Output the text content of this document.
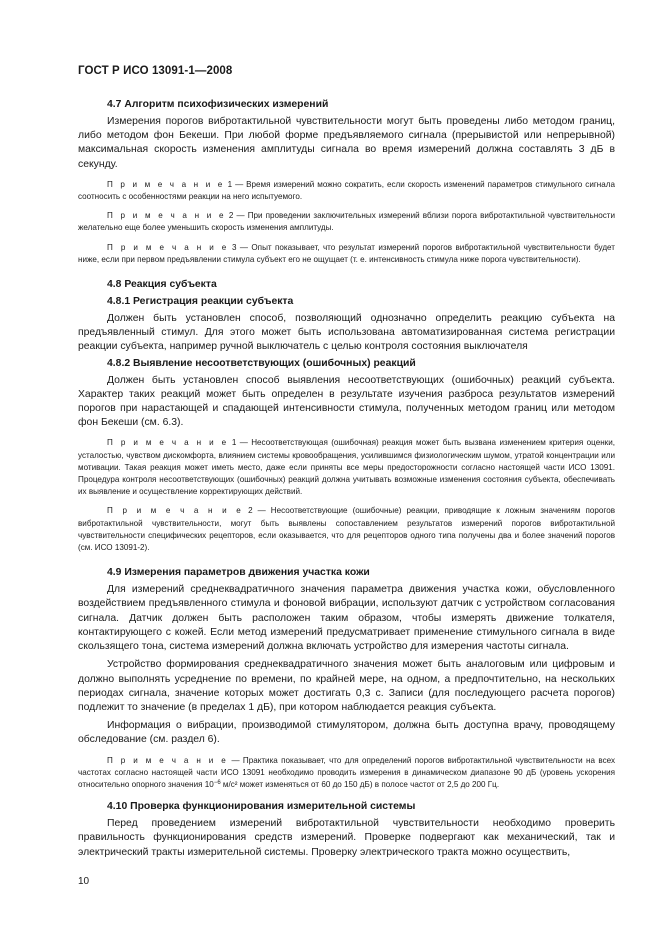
ГОСТ Р ИСО 13091-1—2008
4.7 Алгоритм психофизических измерений

Измерения порогов вибротактильной чувствительности могут быть проведены либо методом границ, либо методом фон Бекеши. При любой форме предъявляемого сигнала (прерывистой или непрерывной) максимальная скорость изменения амплитуды сигнала во время измерений должна составлять 3 дБ в секунду.

П р и м е ч а н и е 1 — Время измерений можно сократить, если скорость изменений параметров стимульного сигнала соотносить с особенностями реакции на него испытуемого.

П р и м е ч а н и е 2 — При проведении заключительных измерений вблизи порога вибротактильной чувствительности желательно еще более уменьшить скорость изменения амплитуды.

П р и м е ч а н и е 3 — Опыт показывает, что результат измерений порогов вибротактильной чувствительности будет ниже, если при первом предъявлении стимула субъект его не ощущает (т. е. интенсивность стимула ниже порога чувствительности).

4.8 Реакция субъекта
4.8.1 Регистрация реакции субъекта

Должен быть установлен способ, позволяющий однозначно определить реакцию субъекта на предъявленный стимул. Для этого может быть использована автоматизированная система регистрации реакции субъекта, например ручной выключатель с целью контроля состояния выключателя

4.8.2 Выявление несоответствующих (ошибочных) реакций

Должен быть установлен способ выявления несоответствующих (ошибочных) реакций субъекта. Характер таких реакций может быть определен в результате изучения разброса результатов измерений порогов при нарастающей и спадающей интенсивности стимула, полученных методом границ или методом фон Бекеши (см. 6.3).

П р и м е ч а н и е 1 — Несоответствующая (ошибочная) реакция может быть вызвана изменением критерия оценки, усталостью, чувством дискомфорта, влиянием системы кровообращения, усилившимся физиологическим шумом, утратой концентрации или мотивации. Такая реакция может иметь место, даже если приняты все меры предосторожности согласно настоящей части ИСО 13091. Процедура контроля несоответствующих (ошибочных) реакций должна учитывать возможные изменения состояния субъекта, обеспечивать их выявление и осуществление корректирующих действий.

П р и м е ч а н и е 2 — Несоответствующие (ошибочные) реакции, приводящие к ложным значениям порогов вибротактильной чувствительности, могут быть выявлены сопоставлением результатов измерений порогов вибротактильной чувствительности специфических рецепторов, если оказывается, что для рецепторов одного типа получены два и более значений порогов (см. ИСО 13091-2).

4.9 Измерения параметров движения участка кожи

Для измерений среднеквадратичного значения параметра движения участка кожи, обусловленного воздействием предъявленного стимула и фоновой вибрации, используют датчик с устройством согласования сигнала. Датчик должен быть расположен таким образом, чтобы измерять движение толкателя, контактирующего с кожей. Если метод измерений предусматривает применение стимульного сигнала в виде скользящего тона, система измерений должна включать устройство для измерения частоты сигнала.

Устройство формирования среднеквадратичного значения может быть аналоговым или цифровым и должно выполнять усреднение по времени, по крайней мере, на одном, а предпочтительно, на нескольких периодах сигнала, значение которых может достигать 0,3 с. Записи (для последующего расчета порогов) подлежит то значение (в пределах 1 дБ), при котором наблюдается реакция субъекта.

Информация о вибрации, производимой стимулятором, должна быть доступна врачу, проводящему обследование (см. раздел 6).

П р и м е ч а н и е — Практика показывает, что для определений порогов вибротактильной чувствительности на всех частотах согласно настоящей части ИСО 13091 необходимо проводить измерения в динамическом диапазоне 90 дБ (уровень ускорения относительно опорного значения $10^{-6}$ м/с² может изменяться от 60 до 150 дБ) в полосе частот от 2,5 до 200 Гц.

4.10 Проверка функционирования измерительной системы

Перед проведением измерений вибротактильной чувствительности необходимо проверить правильность функционирования средств измерений. Проверке подвергают как механический, так и электрический тракты измерительной системы. Проверку электрического тракта можно осуществить,

10
